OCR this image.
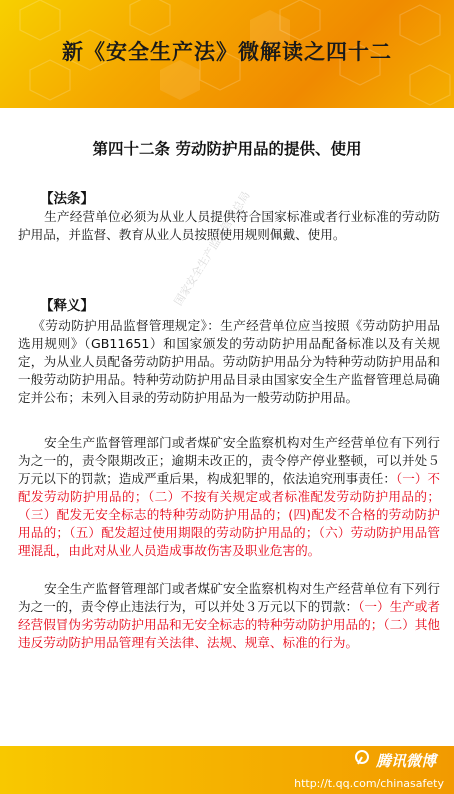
新《安全生产法》微解读之四十二
第四十二条 劳动防护用品的提供、使用
【法条】
生产经营单位必须为从业人员提供符合国家标准或者行业标准的劳动防护用品，并监督、教育从业人员按照使用规则佩戴、使用。
【释义】
《劳动防护用品监督管理规定》：生产经营单位应当按照《劳动防护用品选用规则》（GB11651）和国家颁发的劳动防护用品配备标准以及有关规定，为从业人员配备劳动防护用品。劳动防护用品分为特种劳动防护用品和一般劳动防护用品。特种劳动防护用品目录由国家安全生产监督管理总局确定并公布；未列入目录的劳动防护用品为一般劳动防护用品。
安全生产监督管理部门或者煤矿安全监察机构对生产经营单位有下列行为之一的，责令限期改正；逾期未改正的，责令停产停业整顿，可以并处５万元以下的罚款；造成严重后果，构成犯罪的，依法追究刑事责任：（一）不配发劳动防护用品的；（二）不按有关规定或者标准配发劳动防护用品的；（三）配发无安全标志的特种劳动防护用品的；(四)配发不合格的劳动防护用品的；（五）配发超过使用期限的劳动防护用品的；（六）劳动防护用品管理混乱，由此对从业人员造成事故伤害及职业危害的。
安全生产监督管理部门或者煤矿安全监察机构对生产经营单位有下列行为之一的，责令停止违法行为，可以并处３万元以下的罚款：（一）生产或者经营假冒伪劣劳动防护用品和无安全标志的特种劳动防护用品的；（二）其他违反劳动防护用品管理有关法律、法规、规章、标准的行为。
国家安全生产监督管理总局
腾讯微博
http://t.qq.com/chinasafety
